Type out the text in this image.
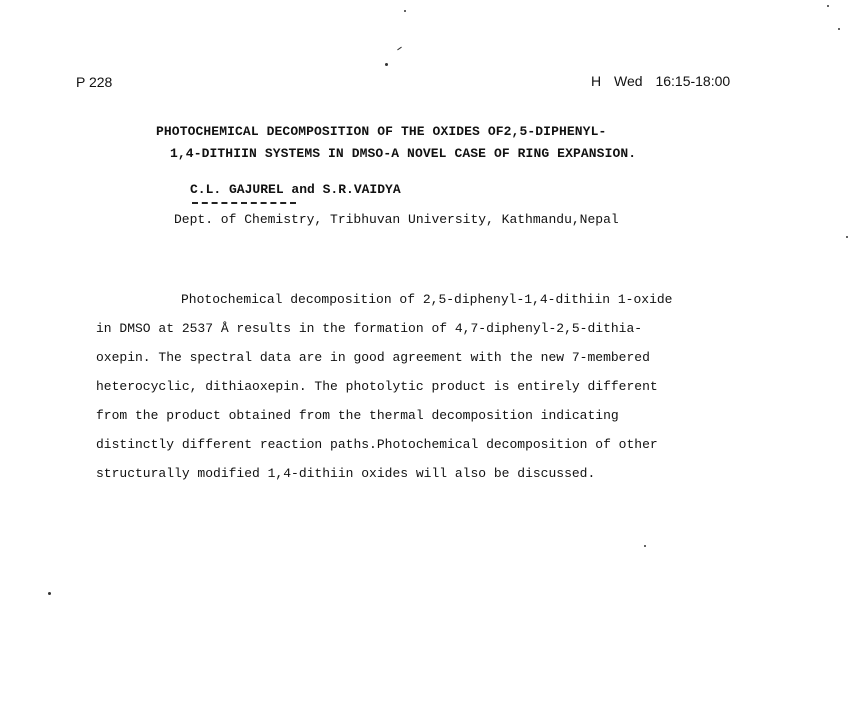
P 228	H Wed 16:15-18:00
PHOTOCHEMICAL DECOMPOSITION OF THE OXIDES OF2,5-DIPHENYL-
1,4-DITHIIN SYSTEMS IN DMSO-A NOVEL CASE OF RING EXPANSION.
C.L. GAJUREL and S.R.VAIDYA
Dept. of Chemistry, Tribhuvan University, Kathmandu,Nepal
Photochemical decomposition of 2,5-diphenyl-1,4-dithiin 1-oxide
in DMSO at 2537 Å results in the formation of 4,7-diphenyl-2,5-dithia-
oxepin. The spectral data are in good agreement with the new 7-membered
heterocyclic, dithiaoxepin. The photolytic product is entirely different
from the product obtained from the thermal decomposition indicating
distinctly different reaction paths.Photochemical decomposition of other
structurally modified 1,4-dithiin oxides will also be discussed.
